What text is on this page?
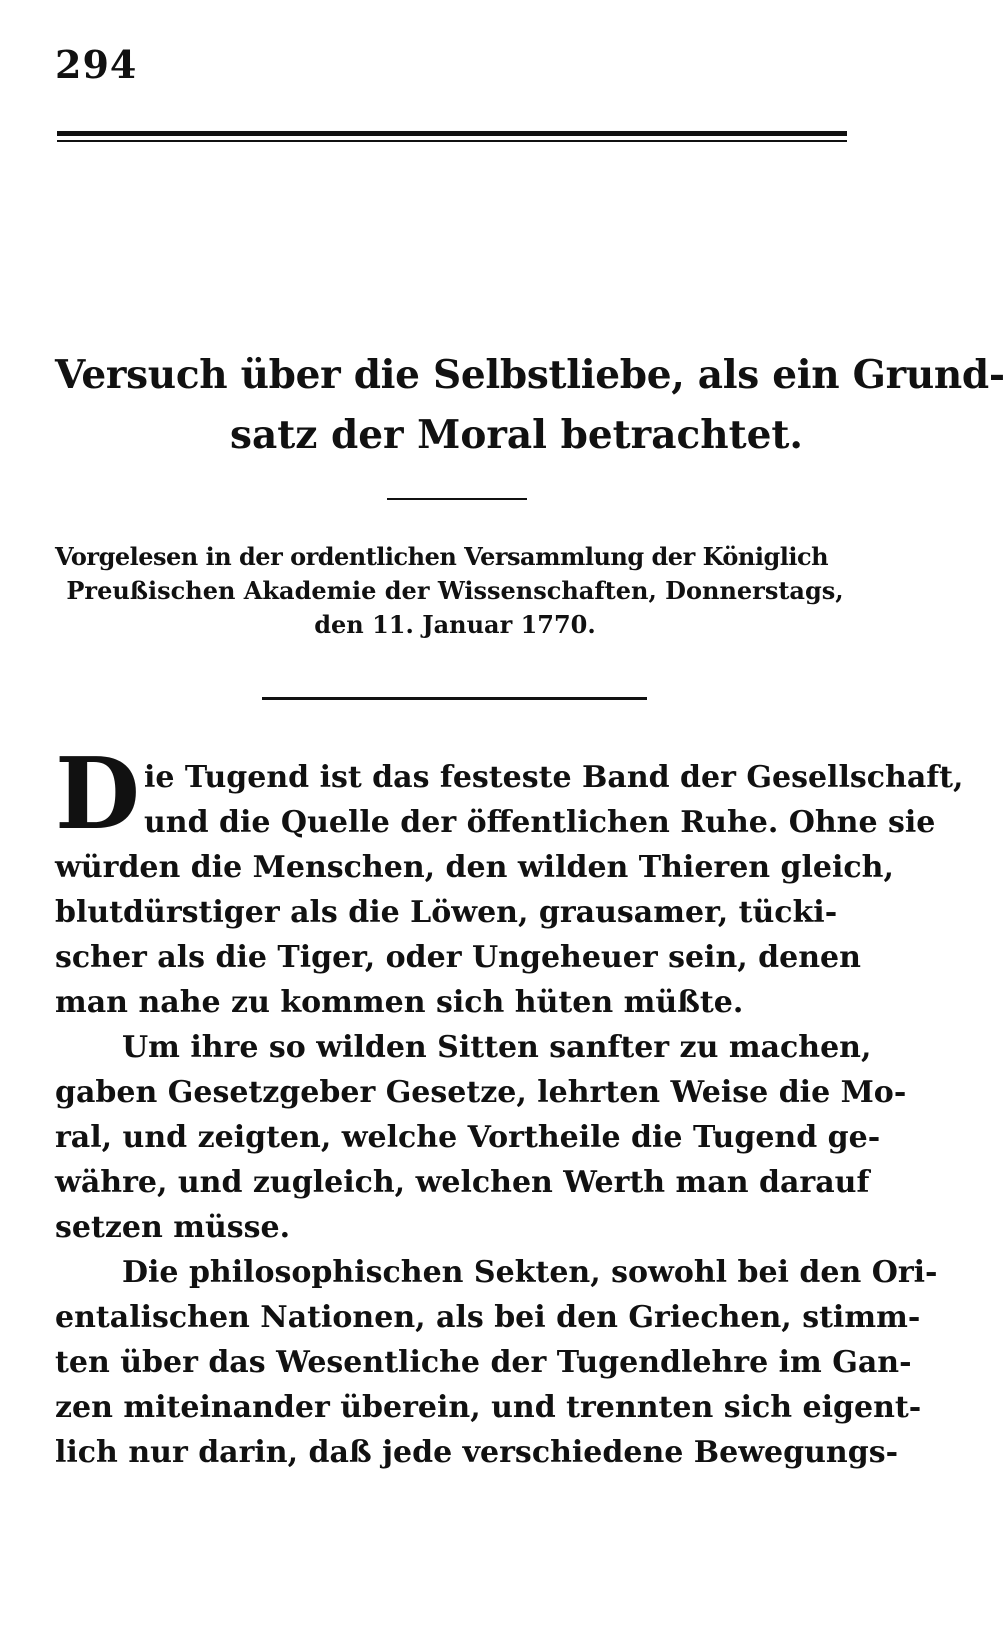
294
Versuch über die Selbstliebe, als ein Grund-
satz der Moral betrachtet.
Vorgelesen in der ordentlichen Versammlung der Königlich
Preußischen Akademie der Wissenschaften, Donnerstags,
den 11. Januar 1770.
D ie Tugend ist das festeste Band der Gesellschaft,
und die Quelle der öffentlichen Ruhe. Ohne sie
würden die Menschen, den wilden Thieren gleich,
blutdürstiger als die Löwen, grausamer, tücki-
scher als die Tiger, oder Ungeheuer sein, denen
man nahe zu kommen sich hüten müßte.
Um ihre so wilden Sitten sanfter zu machen,
gaben Gesetzgeber Gesetze, lehrten Weise die Mo-
ral, und zeigten, welche Vortheile die Tugend ge-
währe, und zugleich, welchen Werth man darauf
setzen müsse.
Die philosophischen Sekten, sowohl bei den Ori-
entalischen Nationen, als bei den Griechen, stimm-
ten über das Wesentliche der Tugendlehre im Gan-
zen miteinander überein, und trennten sich eigent-
lich nur darin, daß jede verschiedene Bewegungs-
